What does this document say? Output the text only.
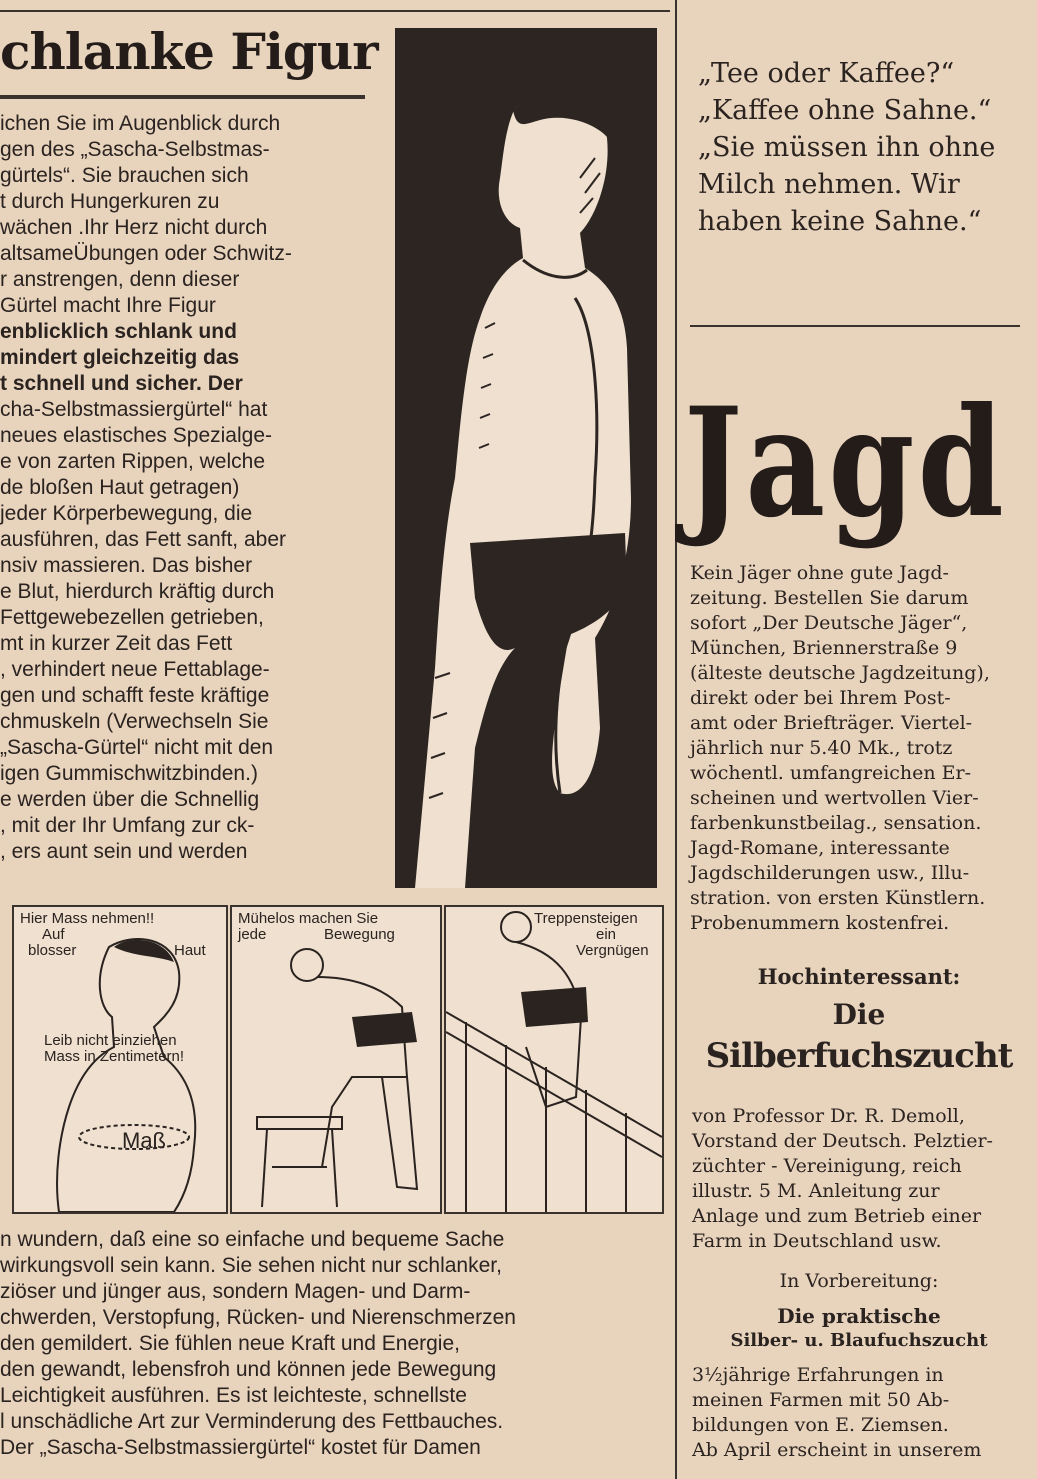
chlanke Figur
ichen Sie im Augenblick durch
gen des „Sascha-Selbstmas-
gürtels“. Sie brauchen sich
t durch Hungerkuren zu
wächen .Ihr Herz nicht durch
altsameÜbungen oder Schwitz-
r anstrengen, denn dieser
Gürtel macht Ihre Figur
enblicklich schlank und
mindert gleichzeitig das
t schnell und sicher. Der
cha-Selbstmassiergürtel“ hat
neues elastisches Spezialge-
e von zarten Rippen, welche
de bloßen Haut getragen)
jeder Körperbewegung, die
ausführen, das Fett sanft, aber
nsiv massieren. Das bisher
e Blut, hierdurch kräftig durch
Fettgewebezellen getrieben,
mt in kurzer Zeit das Fett
, verhindert neue Fettablage-
gen und schafft feste kräftige
chmuskeln (Verwechseln Sie
„Sascha-Gürtel“ nicht mit den
igen Gummischwitzbinden.)
e werden über die Schnellig
, mit der Ihr Umfang zur ck-
, ers aunt sein und werden
Hier Mass nehmen!!
Auf
blosser	Haut
Leib nicht einziehen
Mass in Zentimetern!
Maß
Mühelos machen Sie
jede	Bewegung
Treppensteigen
ein
Vergnügen
n wundern, daß eine so einfache und bequeme Sache
wirkungsvoll sein kann. Sie sehen nicht nur schlanker,
ziöser und jünger aus, sondern Magen- und Darm-
chwerden, Verstopfung, Rücken- und Nierenschmerzen
den gemildert. Sie fühlen neue Kraft und Energie,
den gewandt, lebensfroh und können jede Bewegung
Leichtigkeit ausführen. Es ist leichteste, schnellste
l unschädliche Art zur Verminderung des Fettbauches.
Der „Sascha-Selbstmassiergürtel“ kostet für Damen
„Tee oder Kaffee?“
„Kaffee ohne Sahne.“
„Sie müssen ihn ohne
Milch nehmen. Wir
haben keine Sahne.“
Jagd
Kein Jäger ohne gute Jagd-
zeitung. Bestellen Sie darum
sofort „Der Deutsche Jäger“,
München, Briennerstraße 9
(älteste deutsche Jagdzeitung),
direkt oder bei Ihrem Post-
amt oder Briefträger. Viertel-
jährlich nur 5.40 Mk., trotz
wöchentl. umfangreichen Er-
scheinen und wertvollen Vier-
farbenkunstbeilag., sensation.
Jagd-Romane, interessante
Jagdschilderungen usw., Illu-
stration. von ersten Künstlern.
Probenummern kostenfrei.
Hochinteressant:
Die
Silberfuchszucht
von Professor Dr. R. Demoll,
Vorstand der Deutsch. Pelztier-
züchter - Vereinigung, reich
illustr. 5 M. Anleitung zur
Anlage und zum Betrieb einer
Farm in Deutschland usw.
In Vorbereitung:
Die praktische
Silber- u. Blaufuchszucht
3½jährige Erfahrungen in
meinen Farmen mit 50 Ab-
bildungen von E. Ziemsen.
Ab April erscheint in unserem
